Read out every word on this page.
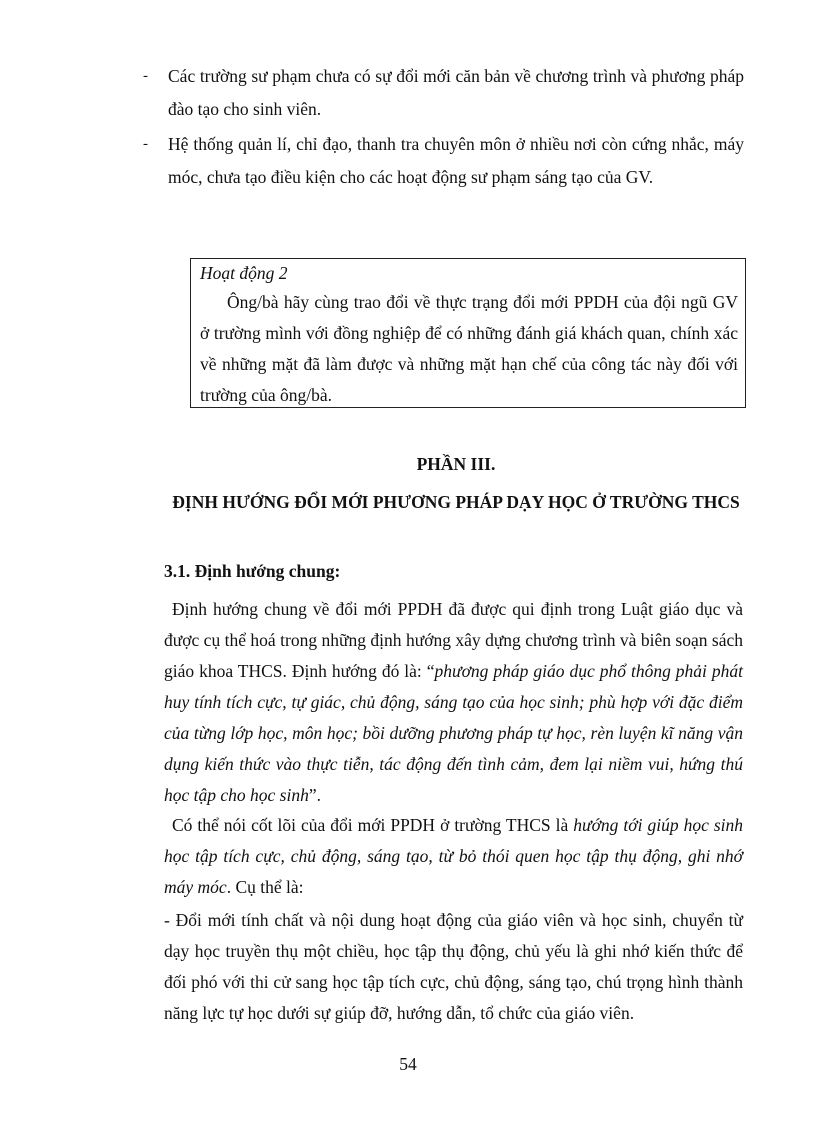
- Các trường sư phạm chưa có sự đổi mới căn bản về chương trình và phương pháp đào tạo cho sinh viên.
- Hệ thống quản lí, chỉ đạo, thanh tra chuyên môn ở nhiều nơi còn cứng nhắc, máy móc, chưa tạo điều kiện cho các hoạt động sư phạm sáng tạo của GV.
Hoạt động 2
Ông/bà hãy cùng trao đổi về thực trạng đổi mới PPDH của đội ngũ GV ở trường mình với đồng nghiệp để có những đánh giá khách quan, chính xác về những mặt đã làm được và những mặt hạn chế của công tác này đối với trường của ông/bà.
PHẦN III.
ĐỊNH HƯỚNG ĐỔI MỚI PHƯƠNG PHÁP DẠY HỌC Ở TRƯỜNG THCS
3.1. Định hướng chung:
Định hướng chung về đổi mới PPDH đã được qui định trong Luật giáo dục và được cụ thể hoá trong những định hướng xây dựng chương trình và biên soạn sách giáo khoa THCS. Định hướng đó là: “phương pháp giáo dục phổ thông phải phát huy tính tích cực, tự giác, chủ động, sáng tạo của học sinh; phù hợp với đặc điểm của từng lớp học, môn học; bồi dưỡng phương pháp tự học, rèn luyện kĩ năng vận dụng kiến thức vào thực tiễn, tác động đến tình cảm, đem lại niềm vui, hứng thú học tập cho học sinh”.
Có thể nói cốt lõi của đổi mới PPDH ở trường THCS là hướng tới giúp học sinh học tập tích cực, chủ động, sáng tạo, từ bỏ thói quen học tập thụ động, ghi nhớ máy móc. Cụ thể là:
- Đổi mới tính chất và nội dung hoạt động của giáo viên và học sinh, chuyển từ dạy học truyền thụ một chiều, học tập thụ động, chủ yếu là ghi nhớ kiến thức để đối phó với thi cử sang học tập tích cực, chủ động, sáng tạo, chú trọng hình thành năng lực tự học dưới sự giúp đỡ, hướng dẫn, tổ chức của giáo viên.
54
